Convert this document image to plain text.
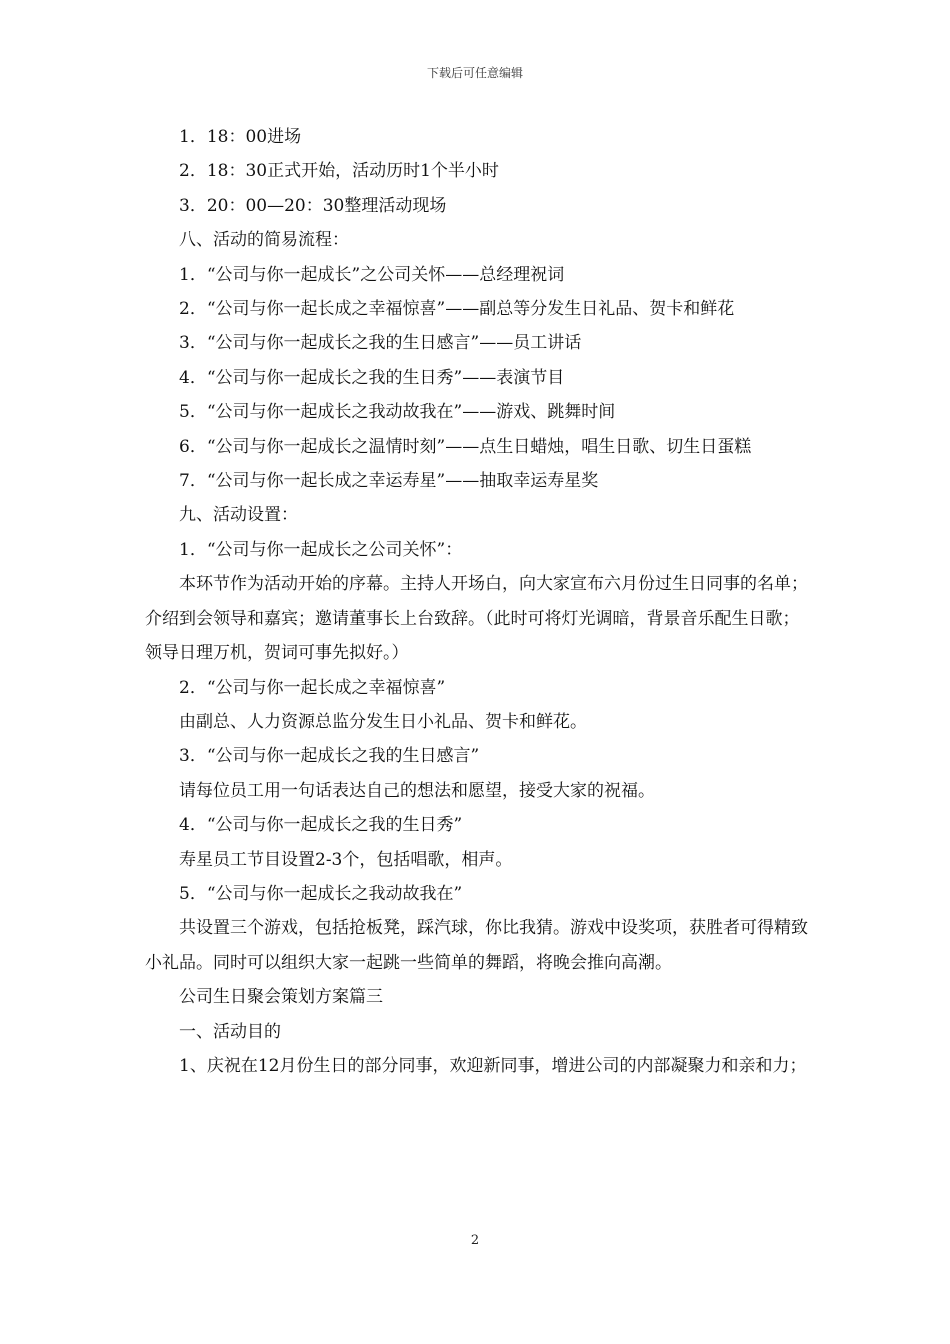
下载后可任意编辑

1．18：00进场

2．18：30正式开始，活动历时1个半小时

3．20：00—20：30整理活动现场

八、活动的简易流程：

1．“公司与你一起成长”之公司关怀——总经理祝词

2．“公司与你一起长成之幸福惊喜”——副总等分发生日礼品、贺卡和鲜花

3．“公司与你一起成长之我的生日感言”——员工讲话

4．“公司与你一起成长之我的生日秀”——表演节目

5．“公司与你一起成长之我动故我在”——游戏、跳舞时间

6．“公司与你一起成长之温情时刻”——点生日蜡烛，唱生日歌、切生日蛋糕

7．“公司与你一起长成之幸运寿星”——抽取幸运寿星奖

九、活动设置：

1．“公司与你一起成长之公司关怀”：

本环节作为活动开始的序幕。主持人开场白，向大家宣布六月份过生日同事的名单；介绍到会领导和嘉宾；邀请董事长上台致辞。（此时可将灯光调暗，背景音乐配生日歌；领导日理万机，贺词可事先拟好。）

2．“公司与你一起长成之幸福惊喜”

由副总、人力资源总监分发生日小礼品、贺卡和鲜花。

3．“公司与你一起成长之我的生日感言”

请每位员工用一句话表达自己的想法和愿望，接受大家的祝福。

4．“公司与你一起成长之我的生日秀”

寿星员工节目设置2-3个，包括唱歌，相声。

5．“公司与你一起成长之我动故我在”

共设置三个游戏，包括抢板凳，踩汽球，你比我猜。游戏中设奖项，获胜者可得精致小礼品。同时可以组织大家一起跳一些简单的舞蹈，将晚会推向高潮。

公司生日聚会策划方案篇三

一、活动目的

1、庆祝在12月份生日的部分同事，欢迎新同事，增进公司的内部凝聚力和亲和力；

2
